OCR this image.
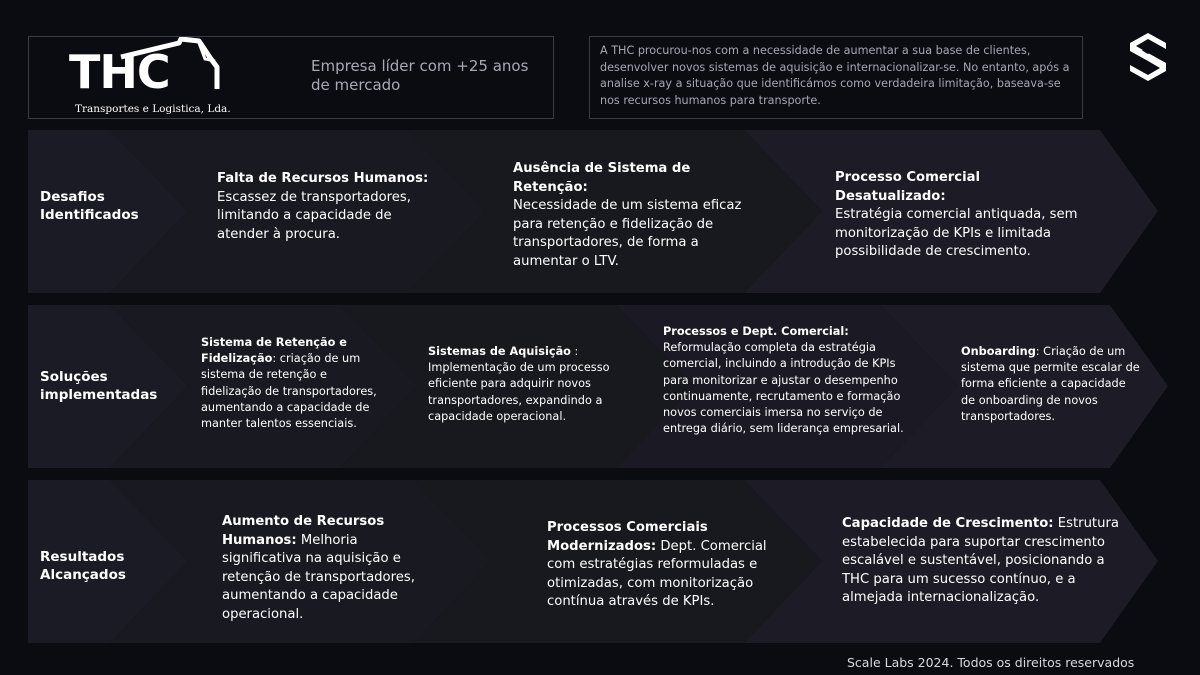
THC
Transportes e Logistica, Lda.
Empresa líder com +25 anos de mercado
A THC procurou-nos com a necessidade de aumentar a sua base de clientes, desenvolver novos sistemas de aquisição e internacionalizar-se. No entanto, após a analise x-ray a situação que identificámos como verdadeira limitação, baseava-se nos recursos humanos para transporte.
Desafios
Identificados
Falta de Recursos Humanos:
Escassez de transportadores, limitando a capacidade de atender à procura.
Ausência de Sistema de Retenção:
Necessidade de um sistema eficaz para retenção e fidelização de transportadores, de forma a aumentar o LTV.
Processo Comercial Desatualizado:
Estratégia comercial antiquada, sem monitorização de KPIs e limitada possibilidade de crescimento.
Soluções
implementadas
Sistema de Retenção e Fidelização: criação de um sistema de retenção e fidelização de transportadores, aumentando a capacidade de manter talentos essenciais.
Sistemas de Aquisição : Implementação de um processo eficiente para adquirir novos transportadores, expandindo a capacidade operacional.
Processos e Dept. Comercial:
Reformulação completa da estratégia comercial, incluindo a introdução de KPIs para monitorizar e ajustar o desempenho continuamente, recrutamento e formação novos comerciais imersa no serviço de entrega diário, sem liderança empresarial.
Onboarding: Criação de um sistema que permite escalar de forma eficiente a capacidade de onboarding de novos transportadores.
Resultados
Alcançados
Aumento de Recursos Humanos: Melhoria significativa na aquisição e retenção de transportadores, aumentando a capacidade operacional.
Processos Comerciais Modernizados: Dept. Comercial com estratégias reformuladas e otimizadas, com monitorização contínua através de KPIs.
Capacidade de Crescimento: Estrutura estabelecida para suportar crescimento escalável e sustentável, posicionando a THC para um sucesso contínuo, e a almejada internacionalização.
Scale Labs 2024. Todos os direitos reservados
